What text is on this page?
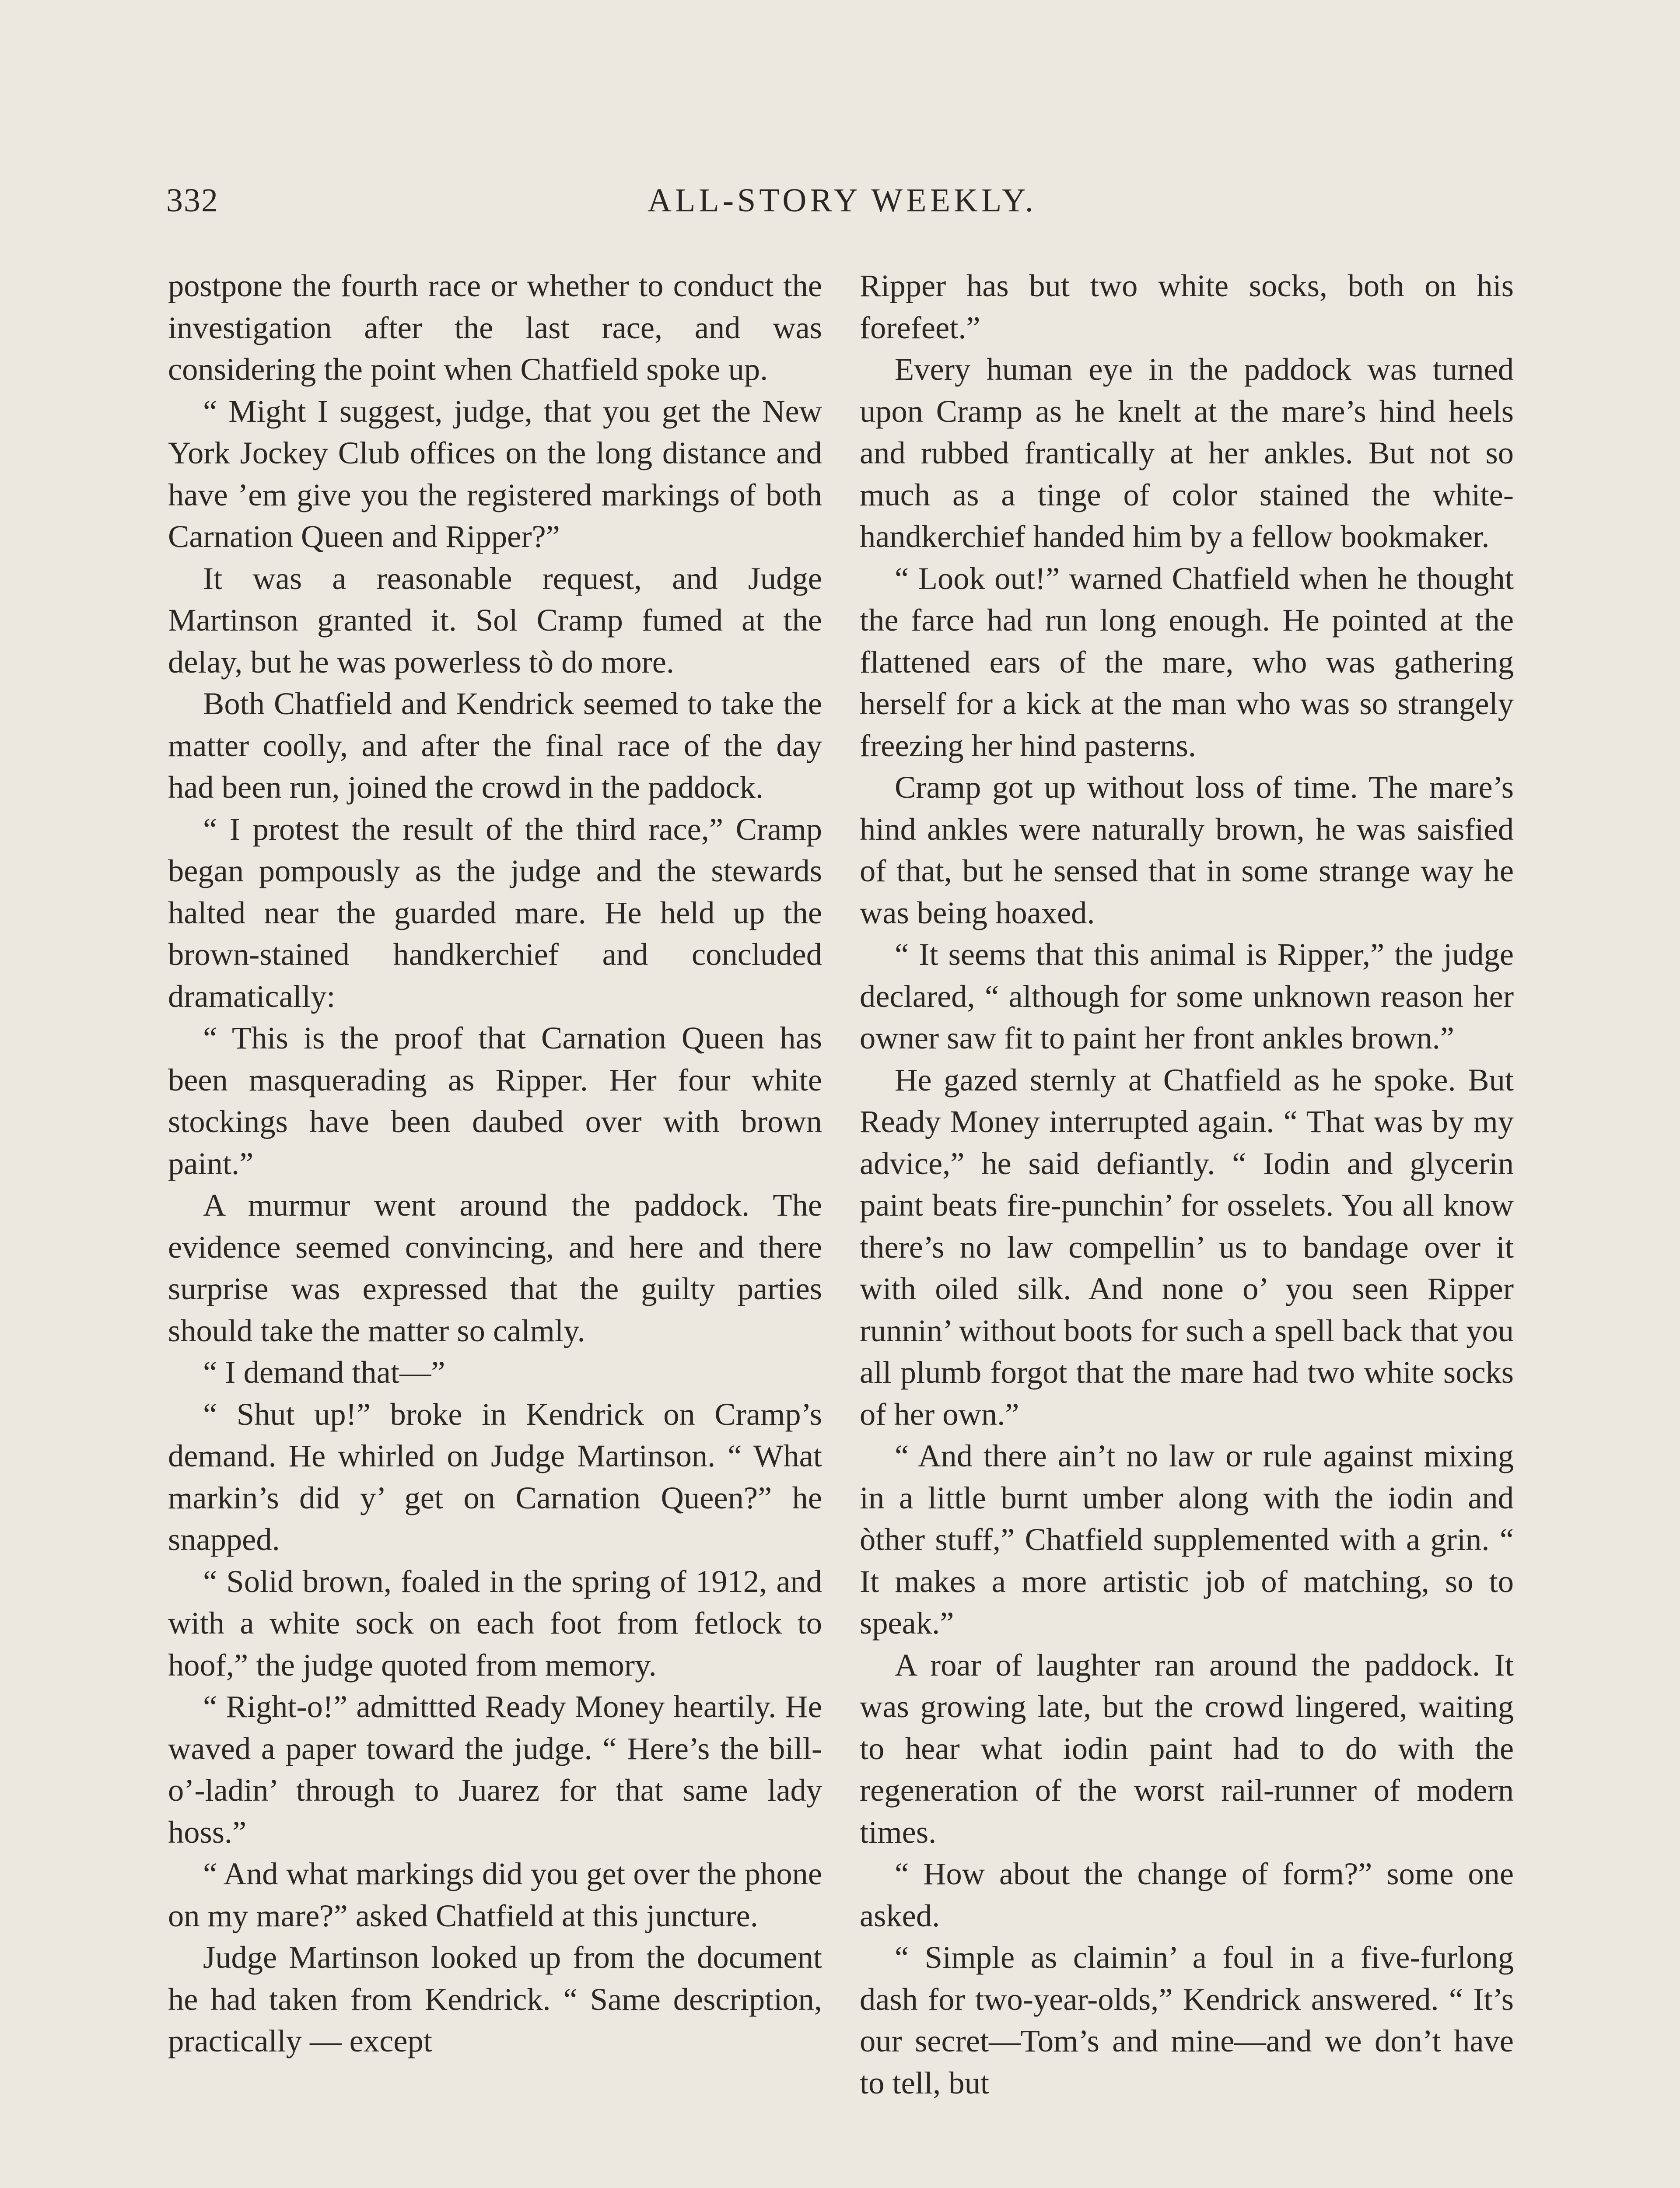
332	ALL-STORY WEEKLY.

postpone the fourth race or whether to conduct the investigation after the last race, and was considering the point when Chatfield spoke up.

“ Might I suggest, judge, that you get the New York Jockey Club offices on the long distance and have ’em give you the registered markings of both Carnation Queen and Ripper?”

It was a reasonable request, and Judge Martinson granted it. Sol Cramp fumed at the delay, but he was powerless tò do more.

Both Chatfield and Kendrick seemed to take the matter coolly, and after the final race of the day had been run, joined the crowd in the paddock.

“ I protest the result of the third race,” Cramp began pompously as the judge and the stewards halted near the guarded mare. He held up the brown-stained handkerchief and concluded dramatically:

“ This is the proof that Carnation Queen has been masquerading as Ripper. Her four white stockings have been daubed over with brown paint.”

A murmur went around the paddock. The evidence seemed convincing, and here and there surprise was expressed that the guilty parties should take the matter so calmly.

“ I demand that—”

“ Shut up!” broke in Kendrick on Cramp’s demand. He whirled on Judge Martinson. “ What markin’s did y’ get on Carnation Queen?” he snapped.

“ Solid brown, foaled in the spring of 1912, and with a white sock on each foot from fetlock to hoof,” the judge quoted from memory.

“ Right-o!” admittted Ready Money heartily. He waved a paper toward the judge. “ Here’s the bill-o’-ladin’ through to Juarez for that same lady hoss.”

“ And what markings did you get over the phone on my mare?” asked Chatfield at this juncture.

Judge Martinson looked up from the document he had taken from Kendrick. “ Same description, practically — except

Ripper has but two white socks, both on his forefeet.”

Every human eye in the paddock was turned upon Cramp as he knelt at the mare’s hind heels and rubbed frantically at her ankles. But not so much as a tinge of color stained the white-handkerchief handed him by a fellow bookmaker.

“ Look out!” warned Chatfield when he thought the farce had run long enough. He pointed at the flattened ears of the mare, who was gathering herself for a kick at the man who was so strangely freezing her hind pasterns.

Cramp got up without loss of time. The mare’s hind ankles were naturally brown, he was saisfied of that, but he sensed that in some strange way he was being hoaxed.

“ It seems that this animal is Ripper,” the judge declared, “ although for some unknown reason her owner saw fit to paint her front ankles brown.”

He gazed sternly at Chatfield as he spoke. But Ready Money interrupted again. “ That was by my advice,” he said defiantly. “ Iodin and glycerin paint beats fire-punchin’ for osselets. You all know there’s no law compellin’ us to bandage over it with oiled silk. And none o’ you seen Ripper runnin’ without boots for such a spell back that you all plumb forgot that the mare had two white socks of her own.”

“ And there ain’t no law or rule against mixing in a little burnt umber along with the iodin and òther stuff,” Chatfield supplemented with a grin. “ It makes a more artistic job of matching, so to speak.”

A roar of laughter ran around the paddock. It was growing late, but the crowd lingered, waiting to hear what iodin paint had to do with the regeneration of the worst rail-runner of modern times.

“ How about the change of form?” some one asked.

“ Simple as claimin’ a foul in a five-furlong dash for two-year-olds,” Kendrick answered. “ It’s our secret—Tom’s and mine—and we don’t have to tell, but
